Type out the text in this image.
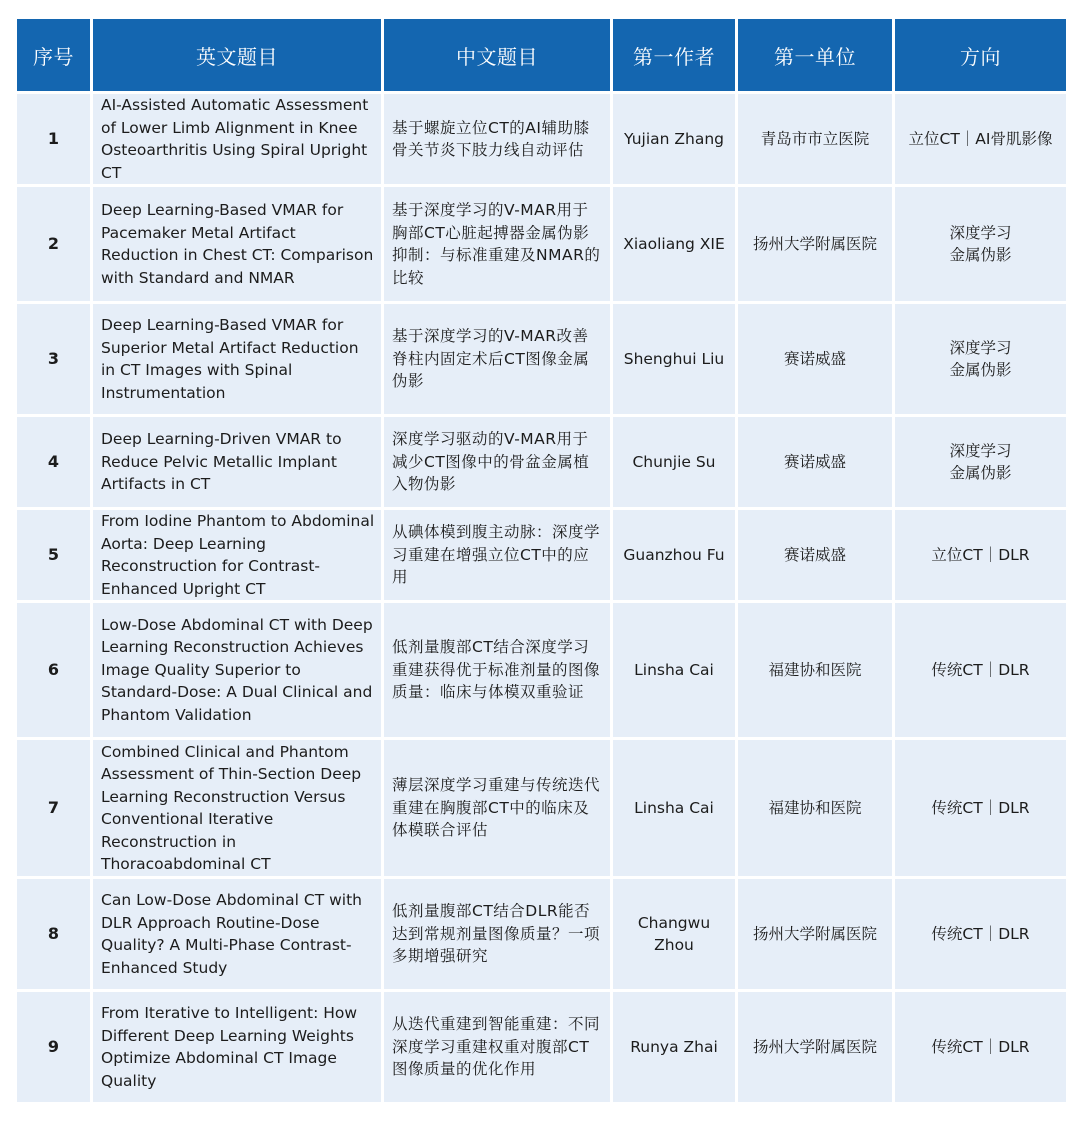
序号	英文题目	中文题目	第一作者	第一单位	方向
1	AI-Assisted Automatic Assessment of Lower Limb Alignment in Knee Osteoarthritis Using Spiral Upright CT	基于螺旋立位CT的AI辅助膝骨关节炎下肢力线自动评估	Yujian Zhang	青岛市市立医院	立位CT｜AI骨肌影像
2	Deep Learning-Based VMAR for Pacemaker Metal Artifact Reduction in Chest CT: Comparison with Standard and NMAR	基于深度学习的V-MAR用于胸部CT心脏起搏器金属伪影抑制：与标准重建及NMAR的比较	Xiaoliang XIE	扬州大学附属医院	深度学习
金属伪影
3	Deep Learning-Based VMAR for Superior Metal Artifact Reduction in CT Images with Spinal Instrumentation	基于深度学习的V-MAR改善脊柱内固定术后CT图像金属伪影	Shenghui Liu	赛诺威盛	深度学习
金属伪影
4	Deep Learning-Driven VMAR to Reduce Pelvic Metallic Implant Artifacts in CT	深度学习驱动的V-MAR用于减少CT图像中的骨盆金属植入物伪影	Chunjie Su	赛诺威盛	深度学习
金属伪影
5	From Iodine Phantom to Abdominal Aorta: Deep Learning Reconstruction for Contrast-Enhanced Upright CT	从碘体模到腹主动脉：深度学习重建在增强立位CT中的应用	Guanzhou Fu	赛诺威盛	立位CT｜DLR
6	Low-Dose Abdominal CT with Deep Learning Reconstruction Achieves Image Quality Superior to Standard-Dose: A Dual Clinical and Phantom Validation	低剂量腹部CT结合深度学习重建获得优于标准剂量的图像质量：临床与体模双重验证	Linsha Cai	福建协和医院	传统CT｜DLR
7	Combined Clinical and Phantom Assessment of Thin-Section Deep Learning Reconstruction Versus Conventional Iterative Reconstruction in Thoracoabdominal CT	薄层深度学习重建与传统迭代重建在胸腹部CT中的临床及体模联合评估	Linsha Cai	福建协和医院	传统CT｜DLR
8	Can Low-Dose Abdominal CT with DLR Approach Routine-Dose Quality? A Multi-Phase Contrast-Enhanced Study	低剂量腹部CT结合DLR能否达到常规剂量图像质量？一项多期增强研究	Changwu Zhou	扬州大学附属医院	传统CT｜DLR
9	From Iterative to Intelligent: How Different Deep Learning Weights Optimize Abdominal CT Image Quality	从迭代重建到智能重建：不同深度学习重建权重对腹部CT图像质量的优化作用	Runya Zhai	扬州大学附属医院	传统CT｜DLR
